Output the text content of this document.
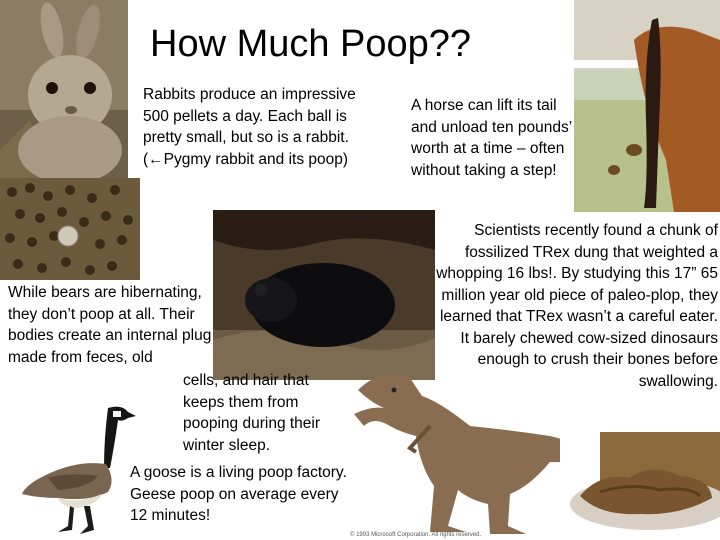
How Much Poop??
Rabbits produce an impressive 500 pellets a day. Each ball is pretty small, but so is a rabbit. (←Pygmy rabbit and its poop)
A horse can lift its tail and unload ten pounds’ worth at a time – often without taking a step!
While bears are hibernating, they don’t poop at all. Their bodies create an internal plug made from feces, old
cells, and hair that keeps them from pooping during their winter sleep.
Scientists recently found a chunk of fossilized TRex dung that weighted a whopping 16 lbs!. By studying this 17” 65 million year old piece of paleo-plop, they learned that TRex wasn’t a careful eater. It barely chewed cow-sized dinosaurs enough to crush their bones before swallowing.
© 1993 Microsoft Corporation. All rights reserved.
A goose is a living poop factory. Geese poop on average every 12 minutes!
